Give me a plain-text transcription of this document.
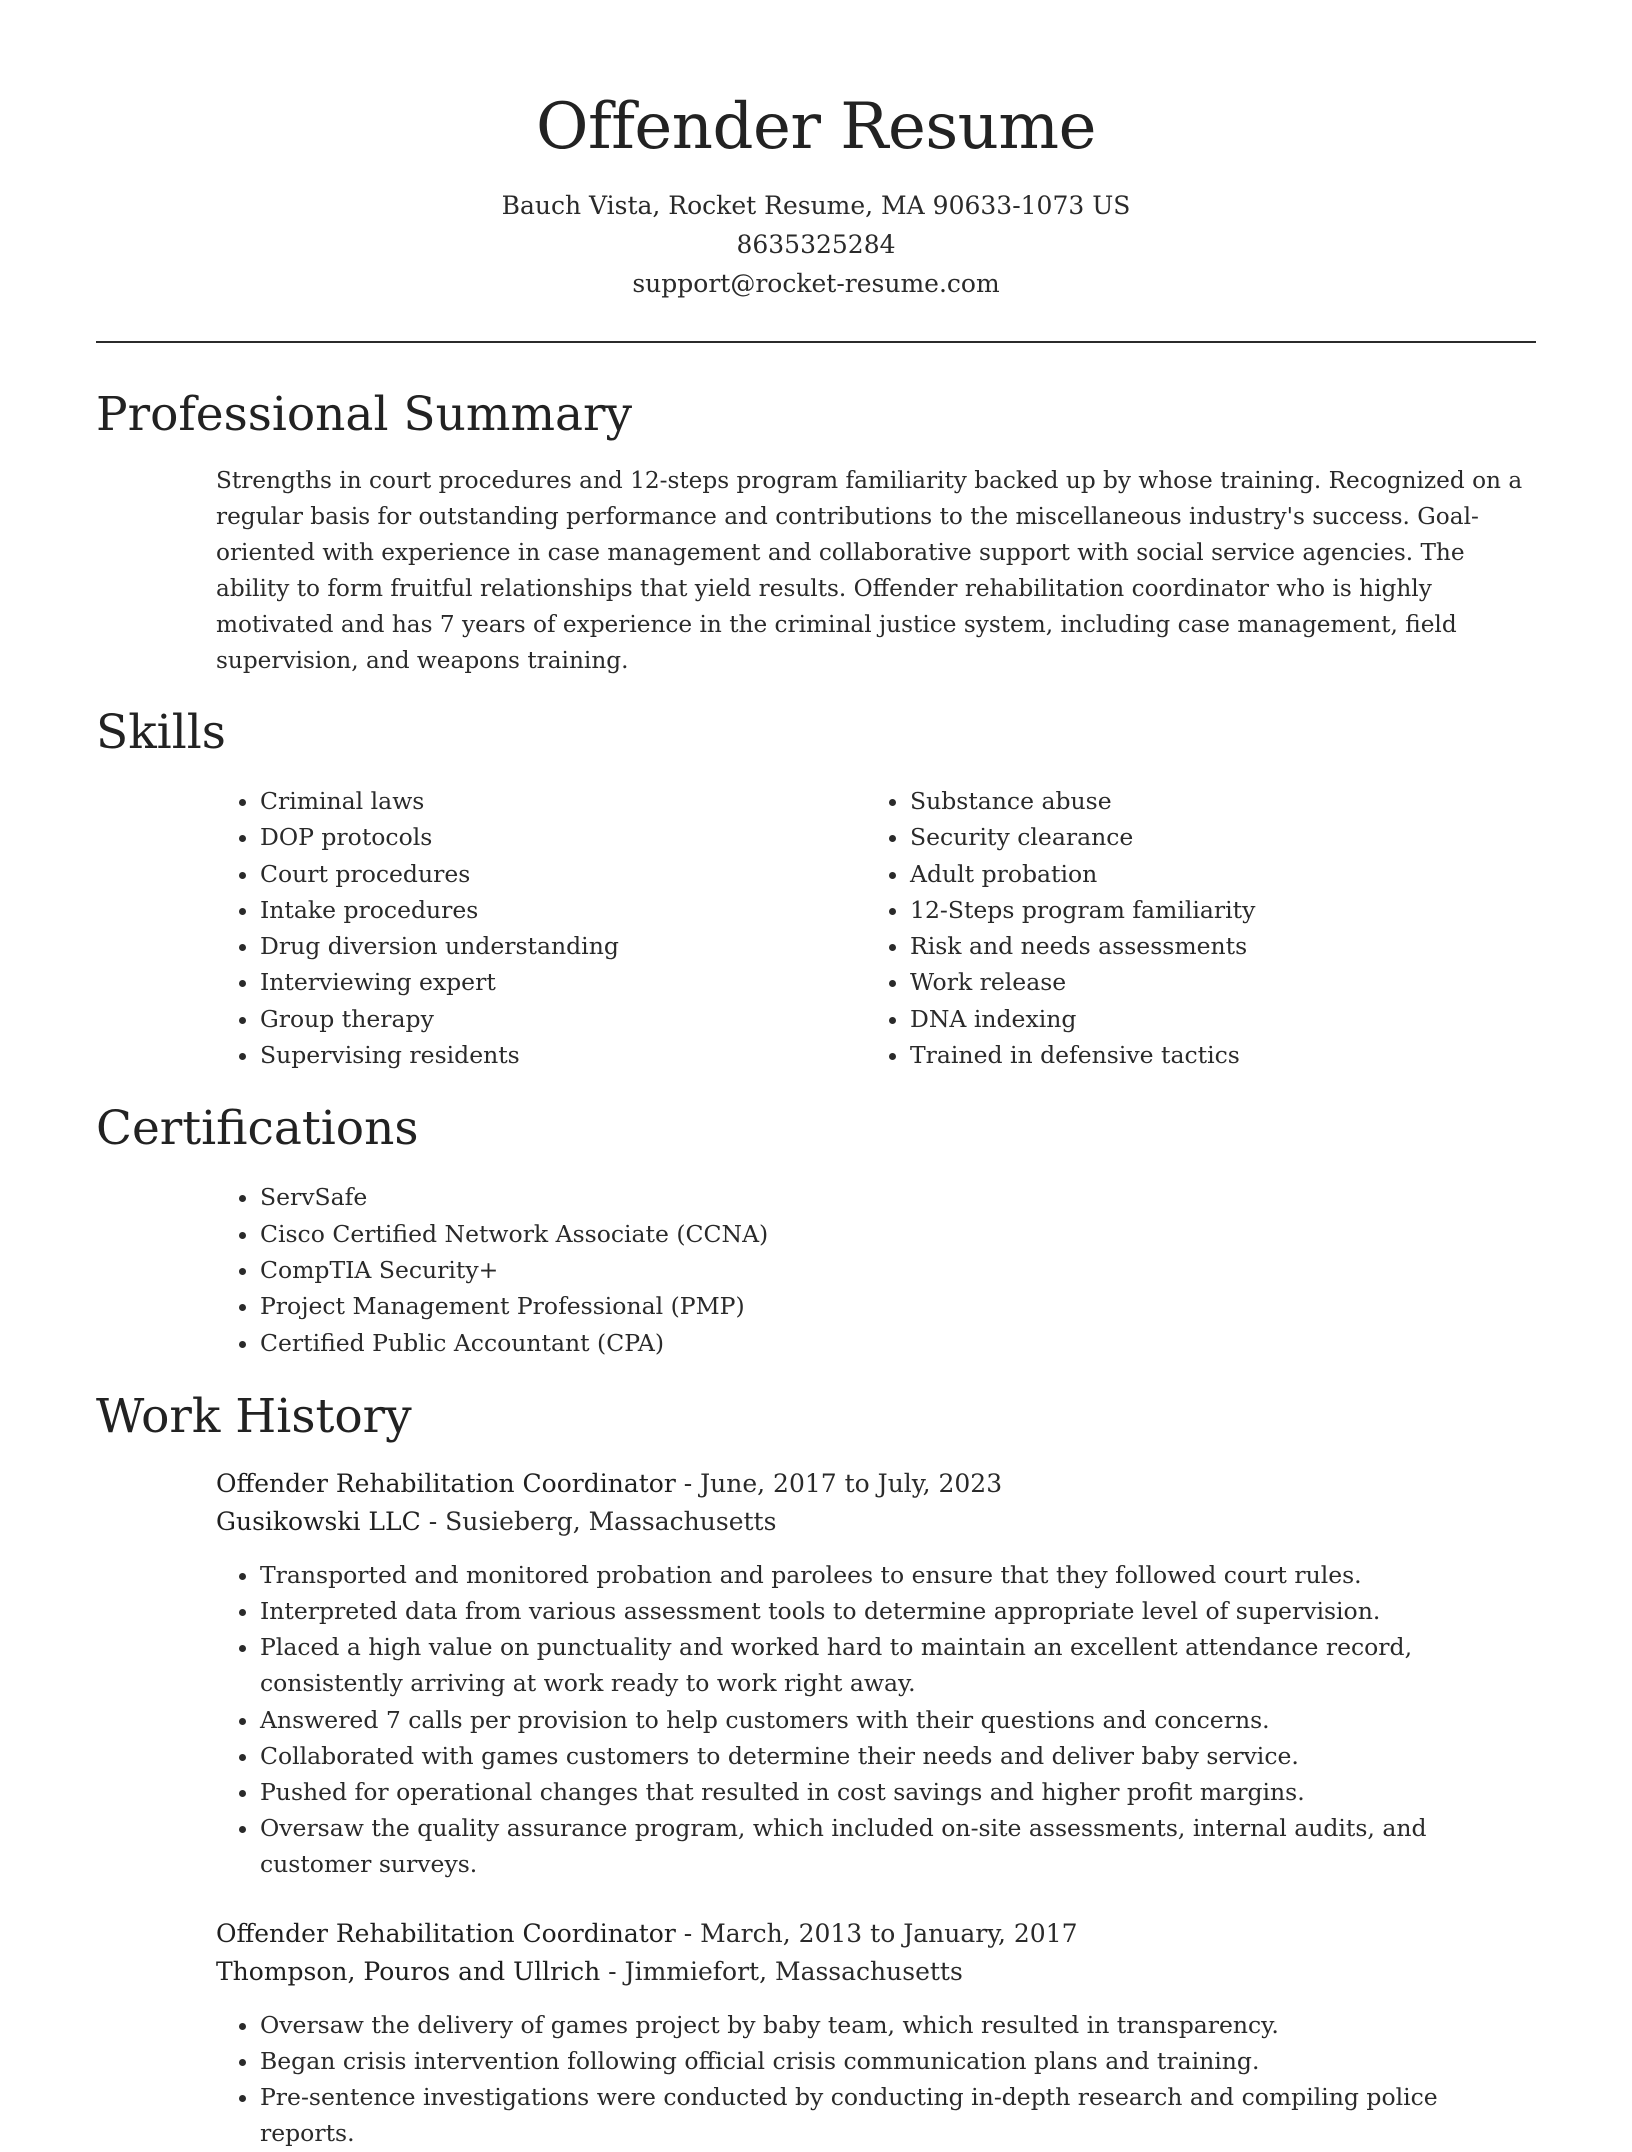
Offender Resume
Bauch Vista, Rocket Resume, MA 90633-1073 US
8635325284
support@rocket-resume.com
Professional Summary

Strengths in court procedures and 12-steps program familiarity backed up by whose training. Recognized on a regular basis for outstanding performance and contributions to the miscellaneous industry's success. Goal-oriented with experience in case management and collaborative support with social service agencies. The ability to form fruitful relationships that yield results. Offender rehabilitation coordinator who is highly motivated and has 7 years of experience in the criminal justice system, including case management, field supervision, and weapons training.

Skills
• Criminal laws
• DOP protocols
• Court procedures
• Intake procedures
• Drug diversion understanding
• Interviewing expert
• Group therapy
• Supervising residents
• Substance abuse
• Security clearance
• Adult probation
• 12-Steps program familiarity
• Risk and needs assessments
• Work release
• DNA indexing
• Trained in defensive tactics
Certifications
• ServSafe
• Cisco Certified Network Associate (CCNA)
• CompTIA Security+
• Project Management Professional (PMP)
• Certified Public Accountant (CPA)
Work History
Offender Rehabilitation Coordinator - June, 2017 to July, 2023
Gusikowski LLC - Susieberg, Massachusetts
• Transported and monitored probation and parolees to ensure that they followed court rules.
• Interpreted data from various assessment tools to determine appropriate level of supervision.
• Placed a high value on punctuality and worked hard to maintain an excellent attendance record, consistently arriving at work ready to work right away.
• Answered 7 calls per provision to help customers with their questions and concerns.
• Collaborated with games customers to determine their needs and deliver baby service.
• Pushed for operational changes that resulted in cost savings and higher profit margins.
• Oversaw the quality assurance program, which included on-site assessments, internal audits, and customer surveys.
Offender Rehabilitation Coordinator - March, 2013 to January, 2017
Thompson, Pouros and Ullrich - Jimmiefort, Massachusetts
• Oversaw the delivery of games project by baby team, which resulted in transparency.
• Began crisis intervention following official crisis communication plans and training.
• Pre-sentence investigations were conducted by conducting in-depth research and compiling police reports.
